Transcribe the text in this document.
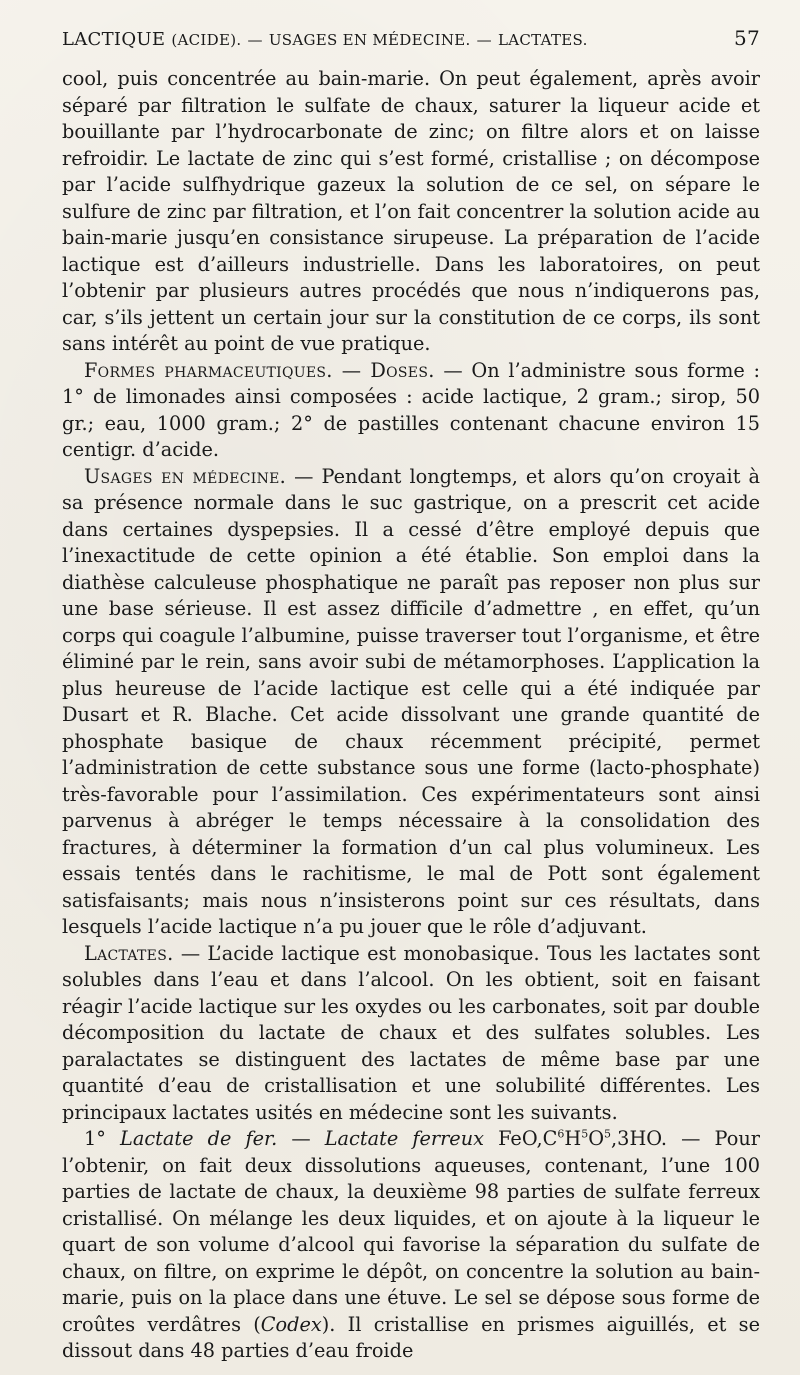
LACTIQUE (ACIDE). — USAGES EN MÉDECINE. — LACTATES.	57

cool, puis concentrée au bain-marie. On peut également, après avoir séparé par filtration le sulfate de chaux, saturer la liqueur acide et bouillante par l’hydrocarbonate de zinc; on filtre alors et on laisse refroidir. Le lactate de zinc qui s’est formé, cristallise ; on décompose par l’acide sulfhydrique gazeux la solution de ce sel, on sépare le sulfure de zinc par filtration, et l’on fait concentrer la solution acide au bain-marie jusqu’en consistance sirupeuse. La préparation de l’acide lactique est d’ailleurs industrielle. Dans les laboratoires, on peut l’obtenir par plusieurs autres procédés que nous n’indiquerons pas, car, s’ils jettent un certain jour sur la constitution de ce corps, ils sont sans intérêt au point de vue pratique.

Formes pharmaceutiques. — Doses. — On l’administre sous forme : 1° de limonades ainsi composées : acide lactique, 2 gram.; sirop, 50 gr.; eau, 1000 gram.; 2° de pastilles contenant chacune environ 15 centigr. d’acide.

Usages en médecine. — Pendant longtemps, et alors qu’on croyait à sa présence normale dans le suc gastrique, on a prescrit cet acide dans certaines dyspepsies. Il a cessé d’être employé depuis que l’inexactitude de cette opinion a été établie. Son emploi dans la diathèse calculeuse phosphatique ne paraît pas reposer non plus sur une base sérieuse. Il est assez difficile d’admettre , en effet, qu’un corps qui coagule l’albumine, puisse traverser tout l’organisme, et être éliminé par le rein, sans avoir subi de métamorphoses. L’application la plus heureuse de l’acide lactique est celle qui a été indiquée par Dusart et R. Blache. Cet acide dissolvant une grande quantité de phosphate basique de chaux récemment précipité, permet l’administration de cette substance sous une forme (lacto-phosphate) très-favorable pour l’assimilation. Ces expérimentateurs sont ainsi parvenus à abréger le temps nécessaire à la consolidation des fractures, à déterminer la formation d’un cal plus volumineux. Les essais tentés dans le rachitisme, le mal de Pott sont également satisfaisants; mais nous n’insisterons point sur ces résultats, dans lesquels l’acide lactique n’a pu jouer que le rôle d’adjuvant.

Lactates. — L’acide lactique est monobasique. Tous les lactates sont solubles dans l’eau et dans l’alcool. On les obtient, soit en faisant réagir l’acide lactique sur les oxydes ou les carbonates, soit par double décomposition du lactate de chaux et des sulfates solubles. Les paralactates se distinguent des lactates de même base par une quantité d’eau de cristallisation et une solubilité différentes. Les principaux lactates usités en médecine sont les suivants.

1° Lactate de fer. — Lactate ferreux $FeO,C^6H^5O^5,3HO$. — Pour l’obtenir, on fait deux dissolutions aqueuses, contenant, l’une 100 parties de lactate de chaux, la deuxième 98 parties de sulfate ferreux cristallisé. On mélange les deux liquides, et on ajoute à la liqueur le quart de son volume d’alcool qui favorise la séparation du sulfate de chaux, on filtre, on exprime le dépôt, on concentre la solution au bain-marie, puis on la place dans une étuve. Le sel se dépose sous forme de croûtes verdâtres (Codex). Il cristallise en prismes aiguillés, et se dissout dans 48 parties d’eau froide
